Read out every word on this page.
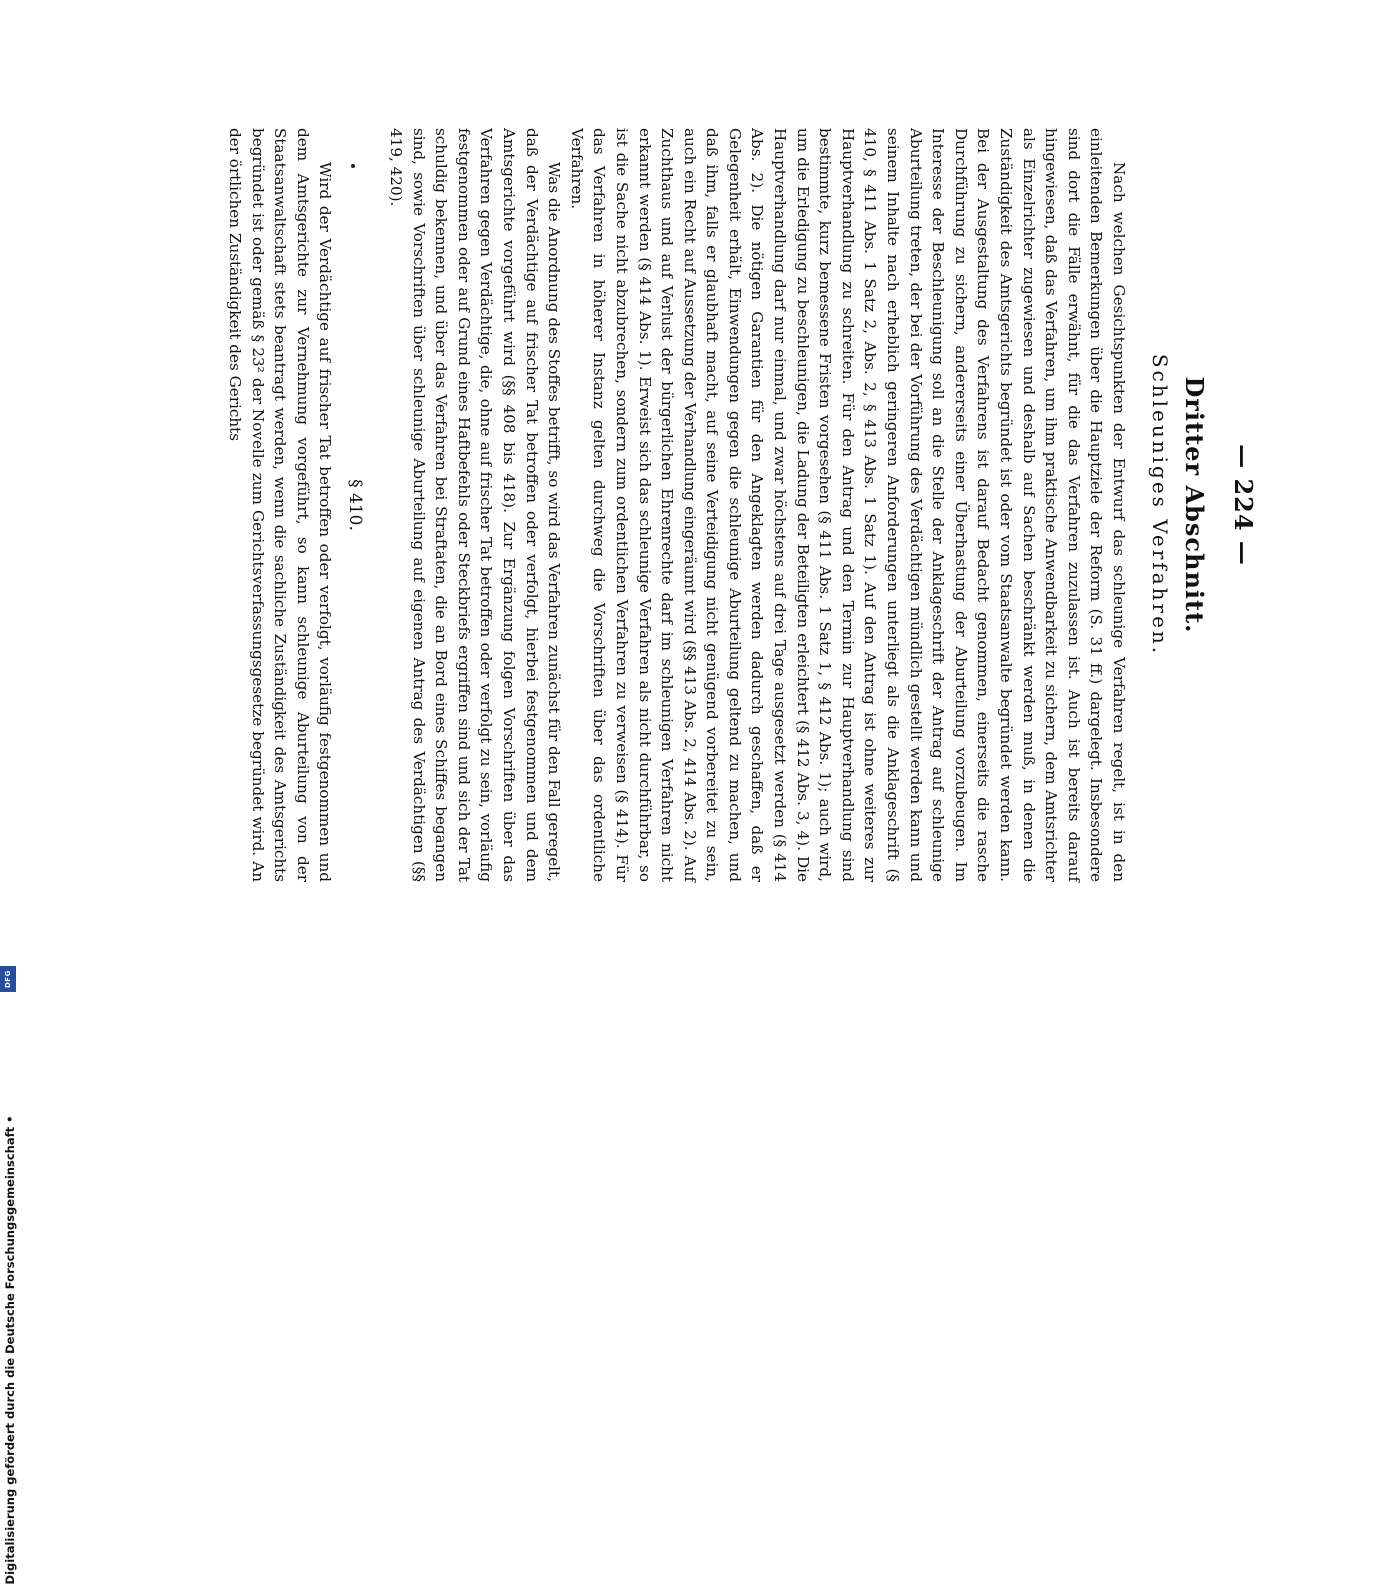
— 224 —
Dritter Abschnitt.
Schleuniges Verfahren.

Nach welchen Gesichtspunkten der Entwurf das schleunige Verfahren regelt, ist in den einleitenden Bemerkungen über die Hauptziele der Reform (S. 31 ff.) dargelegt. Insbesondere sind dort die Fälle erwähnt, für die das Verfahren zuzulassen ist. Auch ist bereits darauf hingewiesen, daß das Verfahren, um ihm praktische Anwendbarkeit zu sichern, dem Amtsrichter als Einzelrichter zugewiesen und deshalb auf Sachen beschränkt werden muß, in denen die Zuständigkeit des Amtsgerichts begründet ist oder vom Staatsanwalte begründet werden kann. Bei der Ausgestaltung des Verfahrens ist darauf Bedacht genommen, einerseits die rasche Durchführung zu sichern, andererseits einer Überhastung der Aburteilung vorzubeugen. Im Interesse der Beschleunigung soll an die Stelle der Anklageschrift der Antrag auf schleunige Aburteilung treten, der bei der Vorführung des Verdächtigen mündlich gestellt werden kann und seinem Inhalte nach erheblich geringeren Anforderungen unterliegt als die Anklageschrift (§ 410, § 411 Abs. 1 Satz 2, Abs. 2, § 413 Abs. 1 Satz 1). Auf den Antrag ist ohne weiteres zur Hauptverhandlung zu schreiten. Für den Antrag und den Termin zur Hauptverhandlung sind bestimmte, kurz bemessene Fristen vorgesehen (§ 411 Abs. 1 Satz 1, § 412 Abs. 1); auch wird, um die Erledigung zu beschleunigen, die Ladung der Beteiligten erleichtert (§ 412 Abs. 3, 4). Die Hauptverhandlung darf nur einmal, und zwar höchstens auf drei Tage ausgesetzt werden (§ 414 Abs. 2). Die nötigen Garantien für den Angeklagten werden dadurch geschaffen, daß er Gelegenheit erhält, Einwendungen gegen die schleunige Aburteilung geltend zu machen, und daß ihm, falls er glaubhaft macht, auf seine Verteidigung nicht genügend vorbereitet zu sein, auch ein Recht auf Aussetzung der Verhandlung eingeräumt wird (§§ 413 Abs. 2, 414 Abs. 2). Auf Zuchthaus und auf Verlust der bürgerlichen Ehrenrechte darf im schleunigen Verfahren nicht erkannt werden (§ 414 Abs. 1). Erweist sich das schleunige Verfahren als nicht durchführbar, so ist die Sache nicht abzubrechen, sondern zum ordentlichen Verfahren zu verweisen (§ 414). Für das Verfahren in höherer Instanz gelten durchweg die Vorschriften über das ordentliche Verfahren.

Was die Anordnung des Stoffes betrifft, so wird das Verfahren zunächst für den Fall geregelt, daß der Verdächtige auf frischer Tat betroffen oder verfolgt, hierbei festgenommen und dem Amtsgerichte vorgeführt wird (§§ 408 bis 418). Zur Ergänzung folgen Vorschriften über das Verfahren gegen Verdächtige, die, ohne auf frischer Tat betroffen oder verfolgt zu sein, vorläufig festgenommen oder auf Grund eines Haftbefehls oder Steckbriefs ergriffen sind und sich der Tat schuldig bekennen, und über das Verfahren bei Straftaten, die an Bord eines Schiffes begangen sind, sowie Vorschriften über schleunige Aburteilung auf eigenen Antrag des Verdächtigen (§§ 419, 420).

§ 410.

Wird der Verdächtige auf frischer Tat betroffen oder verfolgt, vorläufig festgenommen und dem Amtsgerichte zur Vernehmung vorgeführt, so kann schleunige Aburteilung von der Staatsanwaltschaft stets beantragt werden, wenn die sachliche Zuständigkeit des Amtsgerichts begründet ist oder gemäß § 23² der Novelle zum Gerichtsverfassungsgesetze begründet wird. An der örtlichen Zuständigkeit des Gerichts

Digitalisierung gefördert durch die Deutsche Forschungsgemeinschaft •
DFG
